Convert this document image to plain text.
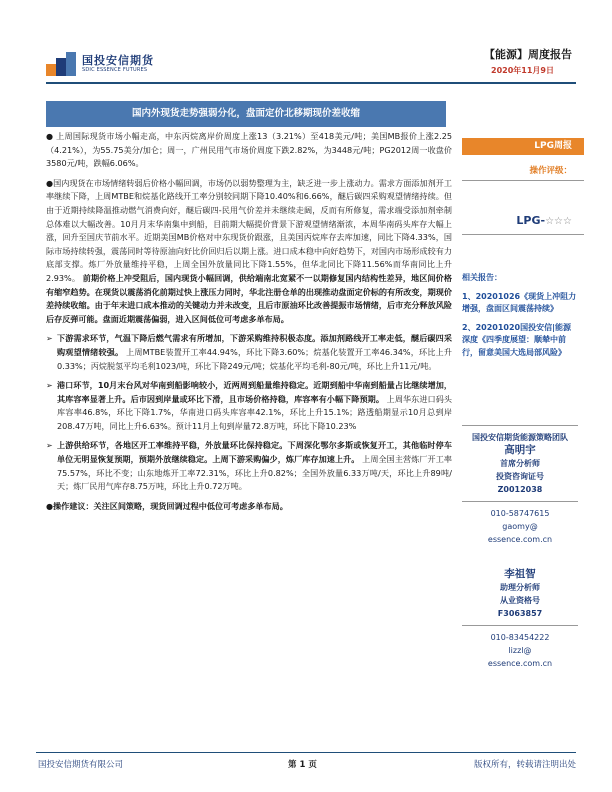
国投安信期货
SDIC ESSENCE FUTURES
【能源】周度报告
2020年11月9日
国内外现货走势强弱分化，盘面定价北移期现价差收缩

● 上周国际现货市场小幅走高，中东丙烷离岸价周度上涨13（3.21%）至418美元/吨；美国MB报价上涨2.25（4.21%），为55.75美分/加仑；周一，广州民用气市场价周度下跌2.82%，为3448元/吨；PG2012周一收盘价3580元/吨，跌幅6.06%。

●国内现货在市场情绪转弱后价格小幅回调，市场仍以弱势整理为主，缺乏进一步上涨动力。需求方面添加剂开工率继续下降，上周MTBE和烷基化路线开工率分别较同期下降10.40%和6.66%，醚后碳四采购观望情绪持续。但由于近期持续降温推动燃气消费向好，醚后碳四-民用气价差并未继续走阔，反而有所修复，需求端受添加剂牵制总体难以大幅改善。10月月末华南集中到船，目前期大幅提价背景下游观望情绪渐浓，本周华南码头库存大幅上涨，回升至国庆节前水平。近期美国MB价格对中东现货价跟涨，且美国丙烷库存去库加速，同比下降4.33%，国际市场持续转强，震荡同时等待原油向好比价回归后以期上涨。进口成本稳中向好趋势下，对国内市场形成较有力底部支撑。炼厂外放量维持平稳，上周全国外放量同比下降1.55%，但华北同比下降11.56%而华南同比上升2.93%。 前期价格上冲受阻后，国内现货小幅回调，供给端南北宽紧不一以期修复国内结构性差异，地区间价格有缩窄趋势。在现货以震荡消化前期过快上涨压力同时，华北注册仓单的出现推动盘面定价标的有所改变，期现价差持续收缩。由于年末进口成本推动的关键动力并未改变，且后市原油环比改善提振市场情绪，后市充分释放风险后存反弹可能。盘面近期震荡偏弱，进入区间低位可考虑多单布局。

➢ 下游需求环节，气温下降后燃气需求有所增加，下游采购维持积极态度。添加剂路线开工率走低，醚后碳四采购观望情绪较强。 上周MTBE装置开工率44.94%，环比下降3.60%；烷基化装置开工率46.34%，环比上升0.33%；丙烷脱氢平均毛利1023/吨，环比下降249元/吨；烷基化平均毛利-80元/吨，环比上升11元/吨。

➢ 港口环节，10月末台风对华南到船影响较小，近两周到船量维持稳定。近期到船中华南到船量占比继续增加，其库容率显著上升。后市因到岸量或环比下滑，且市场价格持稳，库容率有小幅下降预期。 上周华东进口码头库容率46.8%，环比下降1.7%，华南进口码头库容率42.1%，环比上升15.1%；路透船期显示10月总到岸208.47万吨，同比上升6.63%。预计11月上旬到岸量72.8万吨，环比下降10.23%

➢ 上游供给环节，各地区开工率维持平稳，外放量环比保持稳定。下周深化鄂尔多斯或恢复开工，其他临时停车单位无明显恢复预期，预期外放继续稳定。上周下游采购偏少，炼厂库存加速上升。 上周全国主营炼厂开工率75.57%，环比不变；山东地炼开工率72.31%，环比上升0.82%；全国外放量6.33万吨/天，环比上升89吨/天；炼厂民用气库存8.75万吨，环比上升0.72万吨。

●操作建议：关注区间策略，现货回调过程中低位可考虑多单布局。

LPG周报
操作评级：
LPG-☆☆☆
相关报告：
1、20201026《现货上冲阻力增强，盘面区间震荡持续》
2、20201020国投安信|能源深度《四季度展望：顺辇中前行，留意美国大选局部风险》
国投安信期货能源策略团队
高明宇
首席分析师
投资咨询证号
Z0012038
010-58747615
gaomy@
essence.com.cn
李祖智
助理分析师
从业资格号
F3063857
010-83454222
lizzl@
essence.com.cn
国投安信期货有限公司	第 1 页	版权所有，转载请注明出处
